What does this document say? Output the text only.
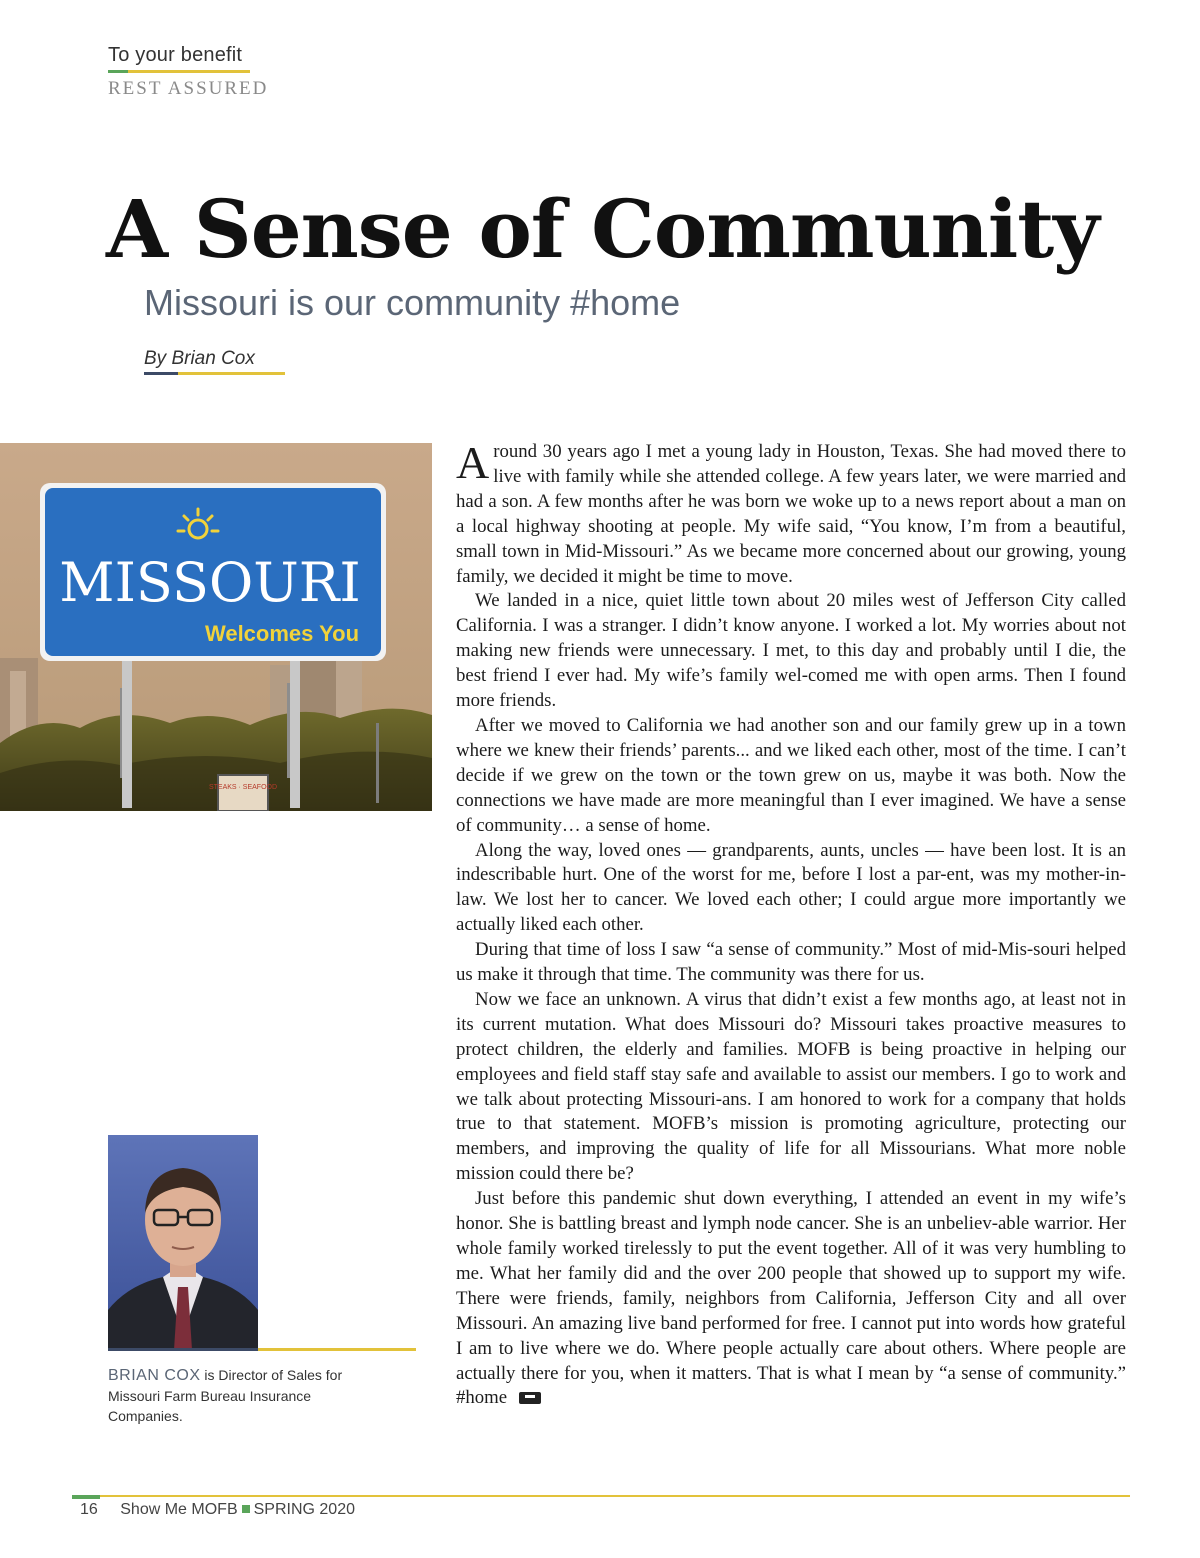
To your benefit
REST ASSURED
A Sense of Community
Missouri is our community #home
By Brian Cox
STEAKS · SEAFOOD
MISSOURI
Welcomes You
BRIAN COX is Director of Sales for Missouri Farm Bureau Insurance Companies.

Around 30 years ago I met a young lady in Houston, Texas. She had moved there to live with family while she attended college. A few years later, we were married and had a son. A few months after he was born we woke up to a news report about a man on a local highway shooting at people. My wife said, “You know, I’m from a beautiful, small town in Mid-Missouri.” As we became more concerned about our growing, young family, we decided it might be time to move.

We landed in a nice, quiet little town about 20 miles west of Jefferson City called California. I was a stranger. I didn’t know anyone. I worked a lot. My worries about not making new friends were unnecessary. I met, to this day and probably until I die, the best friend I ever had. My wife’s family wel-comed me with open arms. Then I found more friends.

After we moved to California we had another son and our family grew up in a town where we knew their friends’ parents... and we liked each other, most of the time. I can’t decide if we grew on the town or the town grew on us, maybe it was both. Now the connections we have made are more meaningful than I ever imagined. We have a sense of community… a sense of home.

Along the way, loved ones — grandparents, aunts, uncles — have been lost. It is an indescribable hurt. One of the worst for me, before I lost a par-ent, was my mother-in-law. We lost her to cancer. We loved each other; I could argue more importantly we actually liked each other.

During that time of loss I saw “a sense of community.” Most of mid-Mis-souri helped us make it through that time. The community was there for us.

Now we face an unknown. A virus that didn’t exist a few months ago, at least not in its current mutation. What does Missouri do? Missouri takes proactive measures to protect children, the elderly and families. MOFB is being proactive in helping our employees and field staff stay safe and available to assist our members. I go to work and we talk about protecting Missouri-ans. I am honored to work for a company that holds true to that statement. MOFB’s mission is promoting agriculture, protecting our members, and improving the quality of life for all Missourians. What more noble mission could there be?

Just before this pandemic shut down everything, I attended an event in my wife’s honor. She is battling breast and lymph node cancer. She is an unbeliev-able warrior. Her whole family worked tirelessly to put the event together. All of it was very humbling to me. What her family did and the over 200 people that showed up to support my wife. There were friends, family, neighbors from California, Jefferson City and all over Missouri. An amazing live band performed for free. I cannot put into words how grateful I am to live where we do. Where people actually care about others. Where people are actually there for you, when it matters. That is what I mean by “a sense of community.” #home

16 Show Me MOFB SPRING 2020
